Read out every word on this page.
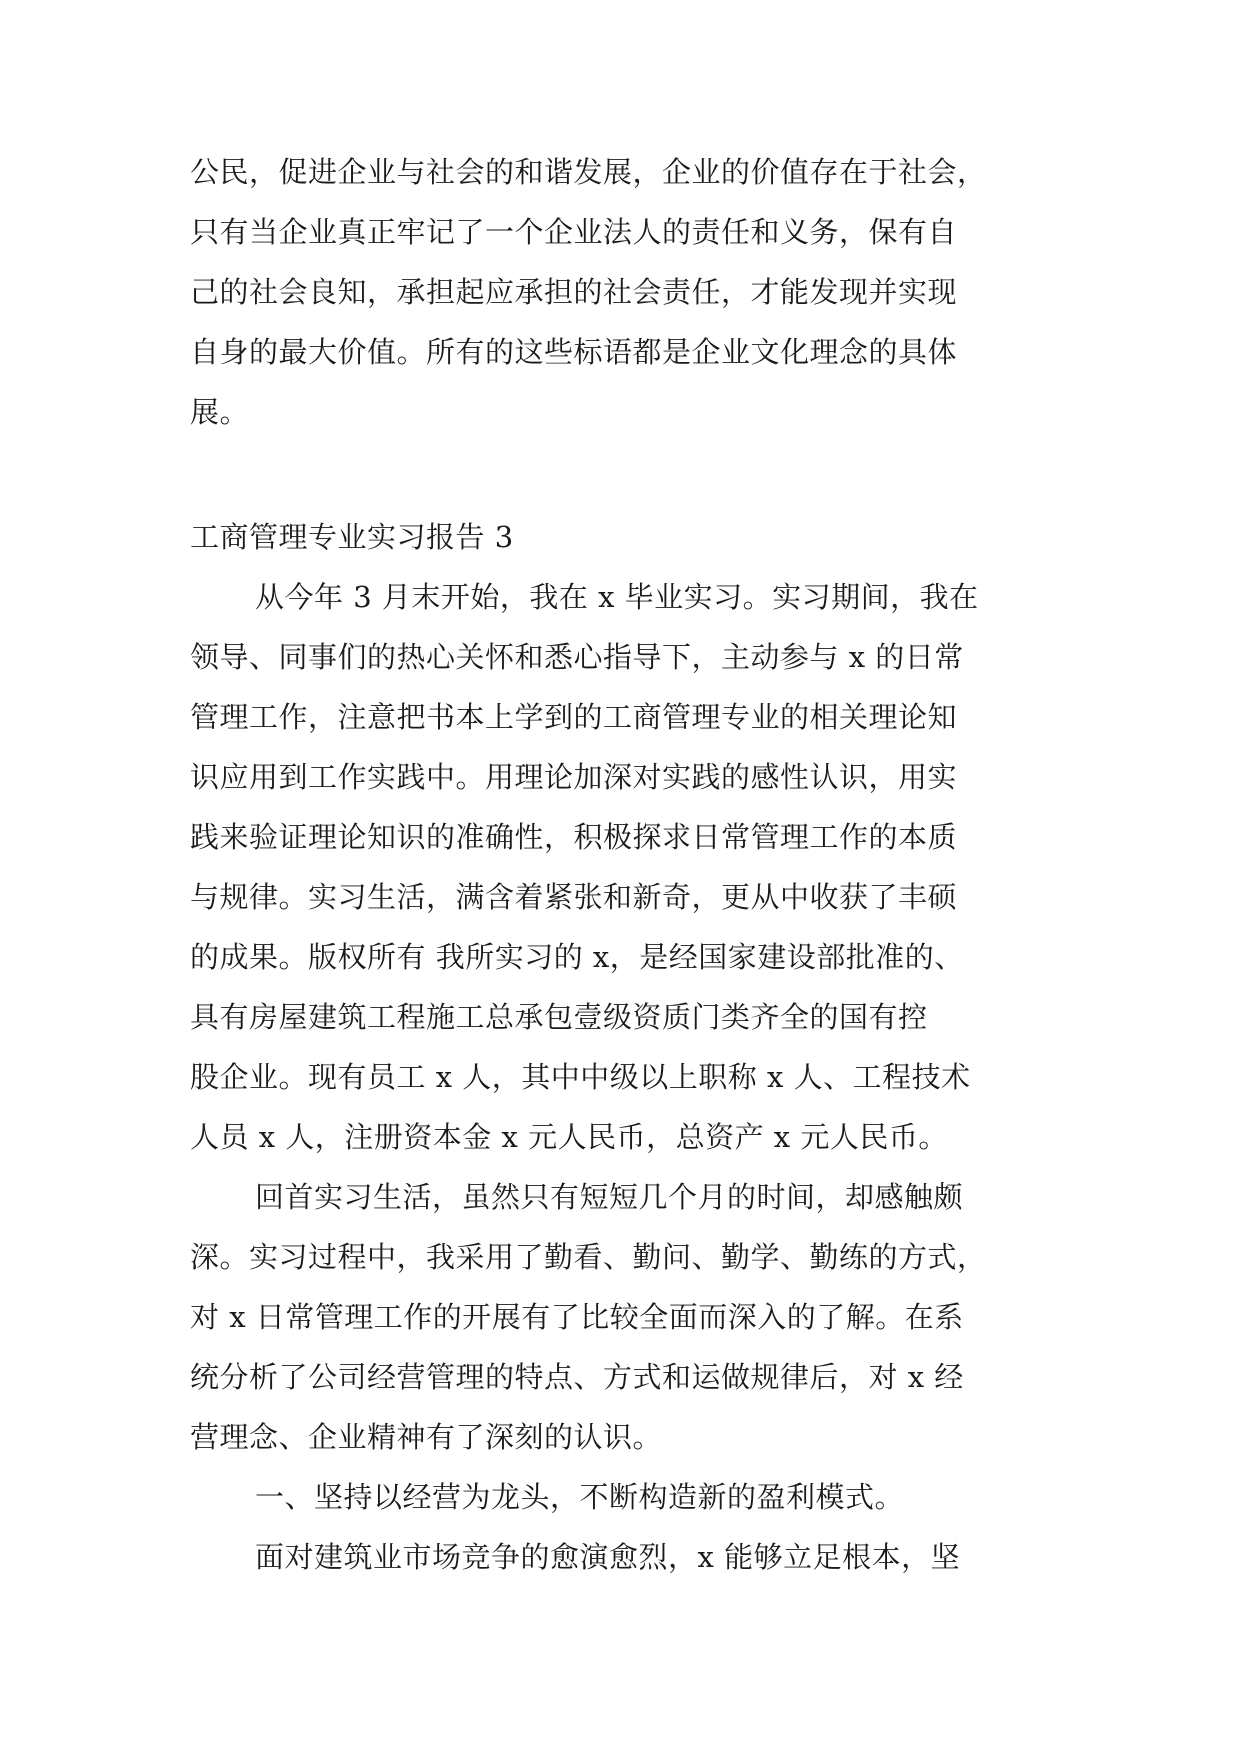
公民，促进企业与社会的和谐发展，企业的价值存在于社会，
只有当企业真正牢记了一个企业法人的责任和义务，保有自
己的社会良知，承担起应承担的社会责任，才能发现并实现
自身的最大价值。所有的这些标语都是企业文化理念的具体
展。
工商管理专业实习报告 3
从今年 3 月末开始，我在 x 毕业实习。实习期间，我在
领导、同事们的热心关怀和悉心指导下，主动参与 x 的日常
管理工作，注意把书本上学到的工商管理专业的相关理论知
识应用到工作实践中。用理论加深对实践的感性认识，用实
践来验证理论知识的准确性，积极探求日常管理工作的本质
与规律。实习生活，满含着紧张和新奇，更从中收获了丰硕
的成果。版权所有 我所实习的 x，是经国家建设部批准的、
具有房屋建筑工程施工总承包壹级资质门类齐全的国有控
股企业。现有员工 x 人，其中中级以上职称 x 人、工程技术
人员 x 人，注册资本金 x 元人民币，总资产 x 元人民币。
回首实习生活，虽然只有短短几个月的时间，却感触颇
深。实习过程中，我采用了勤看、勤问、勤学、勤练的方式，
对 x 日常管理工作的开展有了比较全面而深入的了解。在系
统分析了公司经营管理的特点、方式和运做规律后，对 x 经
营理念、企业精神有了深刻的认识。
一、坚持以经营为龙头，不断构造新的盈利模式。
面对建筑业市场竞争的愈演愈烈，x 能够立足根本，坚
